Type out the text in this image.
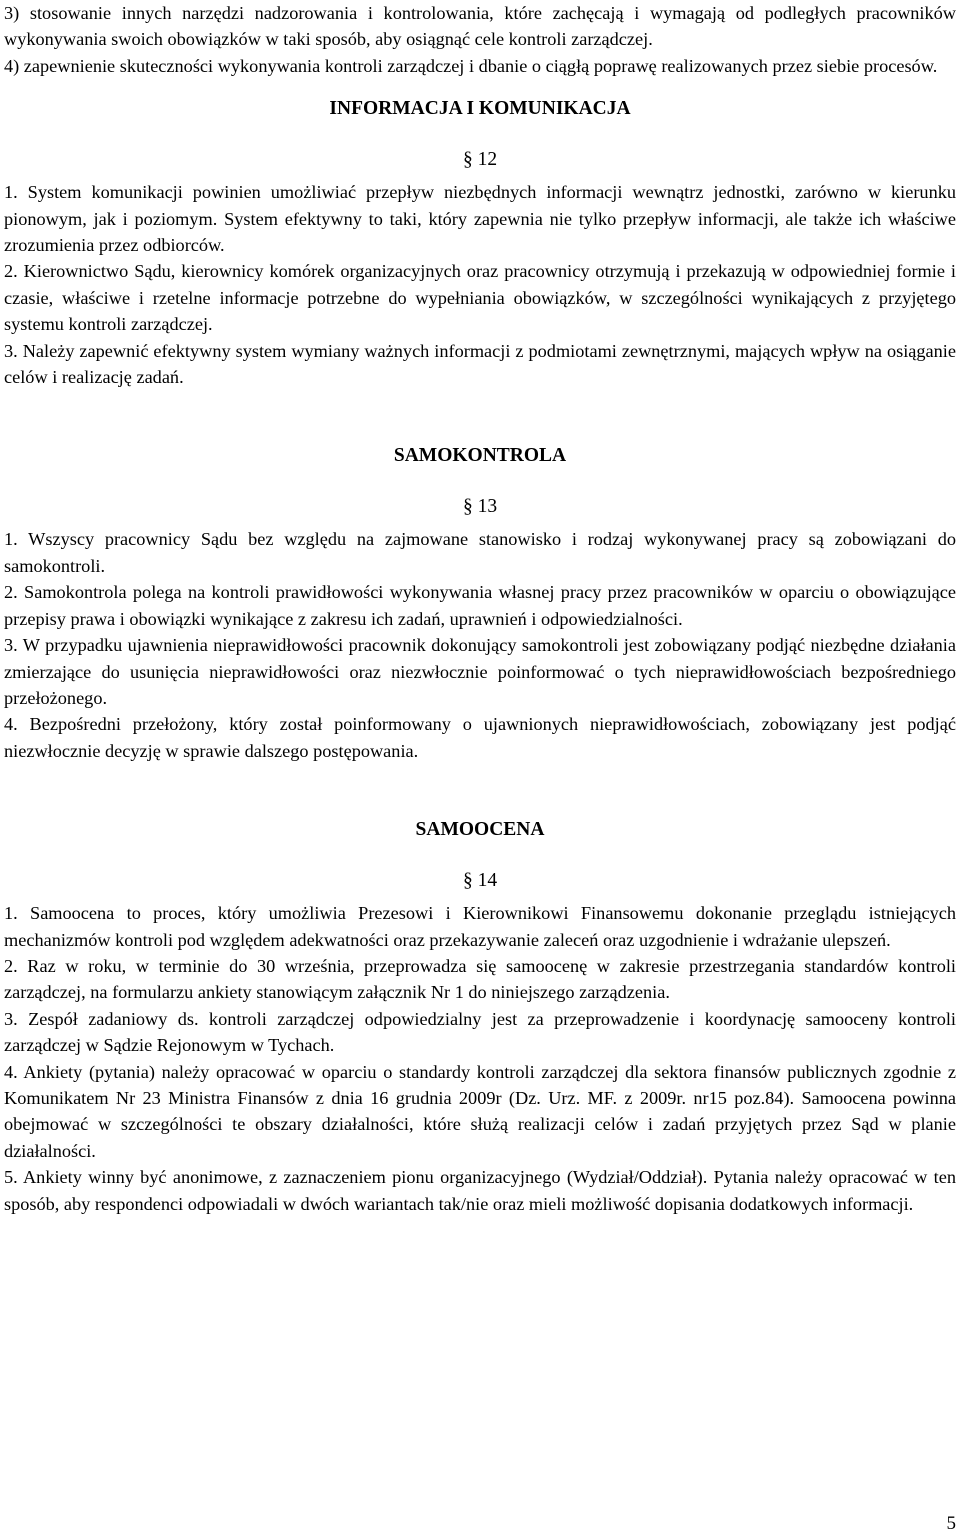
3) stosowanie innych narzędzi nadzorowania i kontrolowania, które zachęcają i wymagają od podległych pracowników wykonywania swoich obowiązków w taki sposób, aby osiągnąć cele kontroli zarządczej.

4) zapewnienie skuteczności wykonywania kontroli zarządczej i dbanie o ciągłą poprawę realizowanych przez siebie procesów.

INFORMACJA I KOMUNIKACJA
§ 12

1. System komunikacji powinien umożliwiać przepływ niezbędnych informacji wewnątrz jednostki, zarówno w kierunku pionowym, jak i poziomym. System efektywny to taki, który zapewnia nie tylko przepływ informacji, ale także ich właściwe zrozumienia przez odbiorców.

2. Kierownictwo Sądu, kierownicy komórek organizacyjnych oraz pracownicy otrzymują i przekazują w odpowiedniej formie i czasie, właściwe i rzetelne informacje potrzebne do wypełniania obowiązków, w szczególności wynikających z przyjętego systemu kontroli zarządczej.

3. Należy zapewnić efektywny system wymiany ważnych informacji z podmiotami zewnętrznymi, mających wpływ na osiąganie celów i realizację zadań.

SAMOKONTROLA
§ 13

1. Wszyscy pracownicy Sądu bez względu na zajmowane stanowisko i rodzaj wykonywanej pracy są zobowiązani do samokontroli.

2. Samokontrola polega na kontroli prawidłowości wykonywania własnej pracy przez pracowników w oparciu o obowiązujące przepisy prawa i obowiązki wynikające z zakresu ich zadań, uprawnień i odpowiedzialności.

3. W przypadku ujawnienia nieprawidłowości pracownik dokonujący samokontroli jest zobowiązany podjąć niezbędne działania zmierzające do usunięcia nieprawidłowości oraz niezwłocznie poinformować o tych nieprawidłowościach bezpośredniego przełożonego.

4. Bezpośredni przełożony, który został poinformowany o ujawnionych nieprawidłowościach, zobowiązany jest podjąć niezwłocznie decyzję w sprawie dalszego postępowania.

SAMOOCENA
§ 14

1. Samoocena to proces, który umożliwia Prezesowi i Kierownikowi Finansowemu dokonanie przeglądu istniejących mechanizmów kontroli pod względem adekwatności oraz przekazywanie zaleceń oraz uzgodnienie i wdrażanie ulepszeń.

2. Raz w roku, w terminie do 30 września, przeprowadza się samoocenę w zakresie przestrzegania standardów kontroli zarządczej, na formularzu ankiety stanowiącym załącznik Nr 1 do niniejszego zarządzenia.

3. Zespół zadaniowy ds. kontroli zarządczej odpowiedzialny jest za przeprowadzenie i koordynację samooceny kontroli zarządczej w Sądzie Rejonowym w Tychach.

4. Ankiety (pytania) należy opracować w oparciu o standardy kontroli zarządczej dla sektora finansów publicznych zgodnie z Komunikatem Nr 23 Ministra Finansów z dnia 16 grudnia 2009r (Dz. Urz. MF. z 2009r. nr15 poz.84). Samoocena powinna obejmować w szczególności te obszary działalności, które służą realizacji celów i zadań przyjętych przez Sąd w planie działalności.

5. Ankiety winny być anonimowe, z zaznaczeniem pionu organizacyjnego (Wydział/Oddział). Pytania należy opracować w ten sposób, aby respondenci odpowiadali w dwóch wariantach tak/nie oraz mieli możliwość dopisania dodatkowych informacji.

5
